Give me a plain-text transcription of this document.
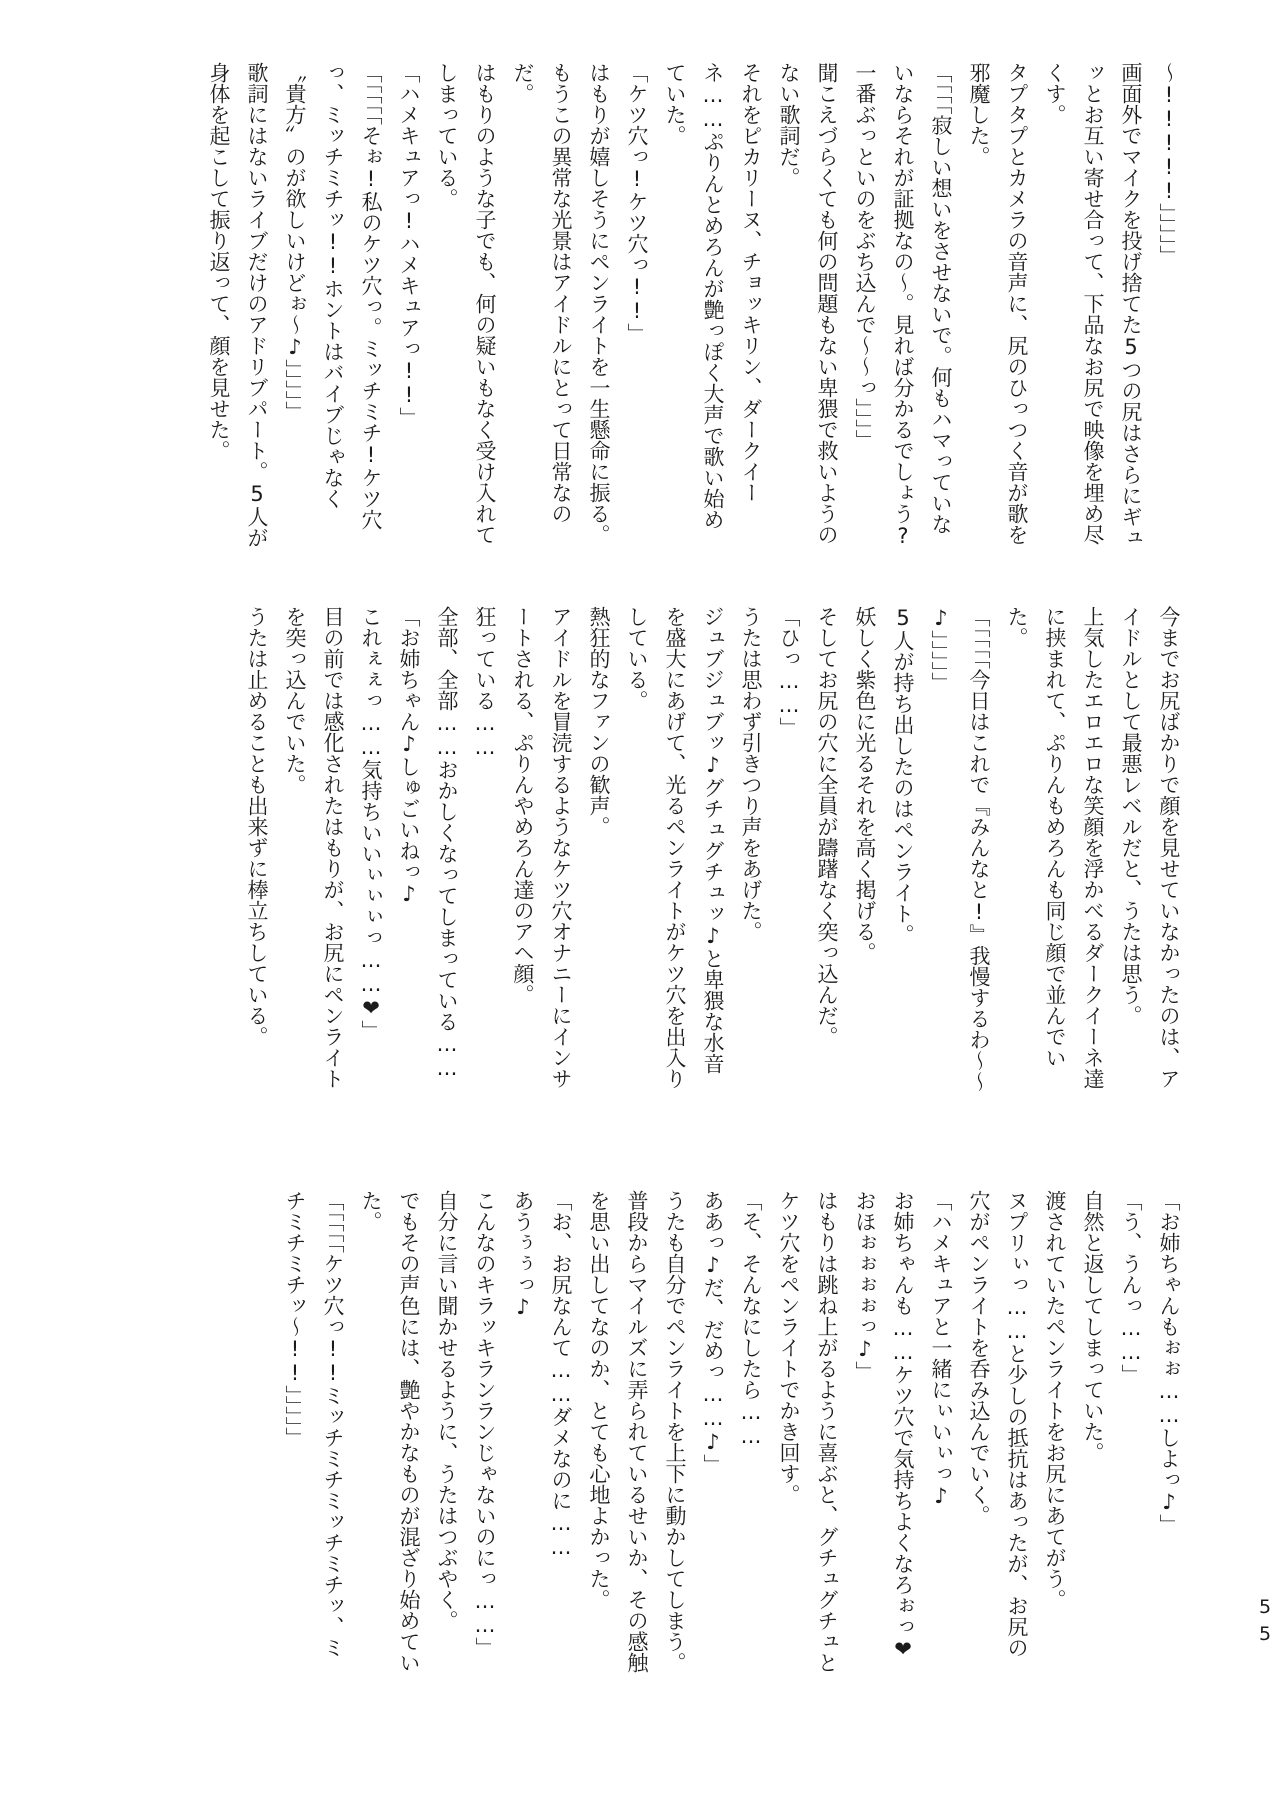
～!!!!!」」」」」

画面外でマイクを投げ捨てた5つの尻はさらにギュッとお互い寄せ合って、下品なお尻で映像を埋め尽くす。

タプタプとカメラの音声に、尻のひっつく音が歌を邪魔した。

「「「「寂しい想いをさせないで。何もハマっていないならそれが証拠なの～。見れば分かるでしょう?一番ぶっといのをぶち込んで～～っ」」」」

聞こえづらくても何の問題もない卑猥で救いようのない歌詞だ。

それをピカリーヌ、チョッキリン、ダークイーネ……ぷりんとめろんが艶っぽく大声で歌い始めていた。

「ケツ穴っ!ケツ穴っ!!」

はもりが嬉しそうにペンライトを一生懸命に振る。

もうこの異常な光景はアイドルにとって日常なのだ。

はもりのような子でも、何の疑いもなく受け入れてしまっている。

「ハメキュアっ!ハメキュアっ!!」

「「「「「そぉ!私のケツ穴っ。ミッチミチ!ケツ穴っ、ミッチミチッ!!ホントはバイブじゃなく〝貴方〟のが欲しいけどぉ～♪」」」」」

歌詞にはないライブだけのアドリブパート。5人が身体を起こして振り返って、顔を見せた。

今までお尻ばかりで顔を見せていなかったのは、アイドルとして最悪レベルだと、うたは思う。

上気したエロエロな笑顔を浮かべるダークイーネ達に挟まれて、ぷりんもめろんも同じ顔で並んでいた。

「「「「「今日はこれで『みんなと!』我慢するわ～～♪」」」」」

5人が持ち出したのはペンライト。

妖しく紫色に光るそれを高く掲げる。

そしてお尻の穴に全員が躊躇なく突っ込んだ。

「ひっ……」

うたは思わず引きつり声をあげた。

ジュブジュブッ♪グチュグチュッ♪と卑猥な水音を盛大にあげて、光るペンライトがケツ穴を出入りしている。

熱狂的なファンの歓声。

アイドルを冒涜するようなケツ穴オナニーにインサートされる、ぷりんやめろん達のアヘ顔。

狂っている……

全部、全部……おかしくなってしまっている……

「お姉ちゃん♪しゅごいねっ♪
これぇぇっ……気持ちいいぃぃぃっ……❤」

目の前では感化されたはもりが、お尻にペンライトを突っ込んでいた。

うたは止めることも出来ずに棒立ちしている。

「お姉ちゃんもぉぉ……しよっ♪」

「う、うんっ……」

自然と返してしまっていた。

渡されていたペンライトをお尻にあてがう。

ヌプリぃっ……と少しの抵抗はあったが、お尻の穴がペンライトを呑み込んでいく。

「ハメキュアと一緒にぃいぃっ♪
お姉ちゃんも……ケツ穴で気持ちよくなろぉっ❤おほぉぉぉぉっ♪」

はもりは跳ね上がるように喜ぶと、グチュグチュとケツ穴をペンライトでかき回す。

「そ、そんなにしたら……
ああっ♪だ、だめっ……♪」

うたも自分でペンライトを上下に動かしてしまう。

普段からマイルズに弄られているせいか、その感触を思い出してなのか、とても心地よかった。

「お、お尻なんて……ダメなのに……
あうぅぅっ♪
こんなのキラッキランランじゃないのにっ……」

自分に言い聞かせるように、うたはつぶやく。

でもその声色には、艶やかなものが混ざり始めていた。

「「「「「ケツ穴っ!!ミッチミチミッチミチッ、ミチミチミチッ～!!」」」」」

55
